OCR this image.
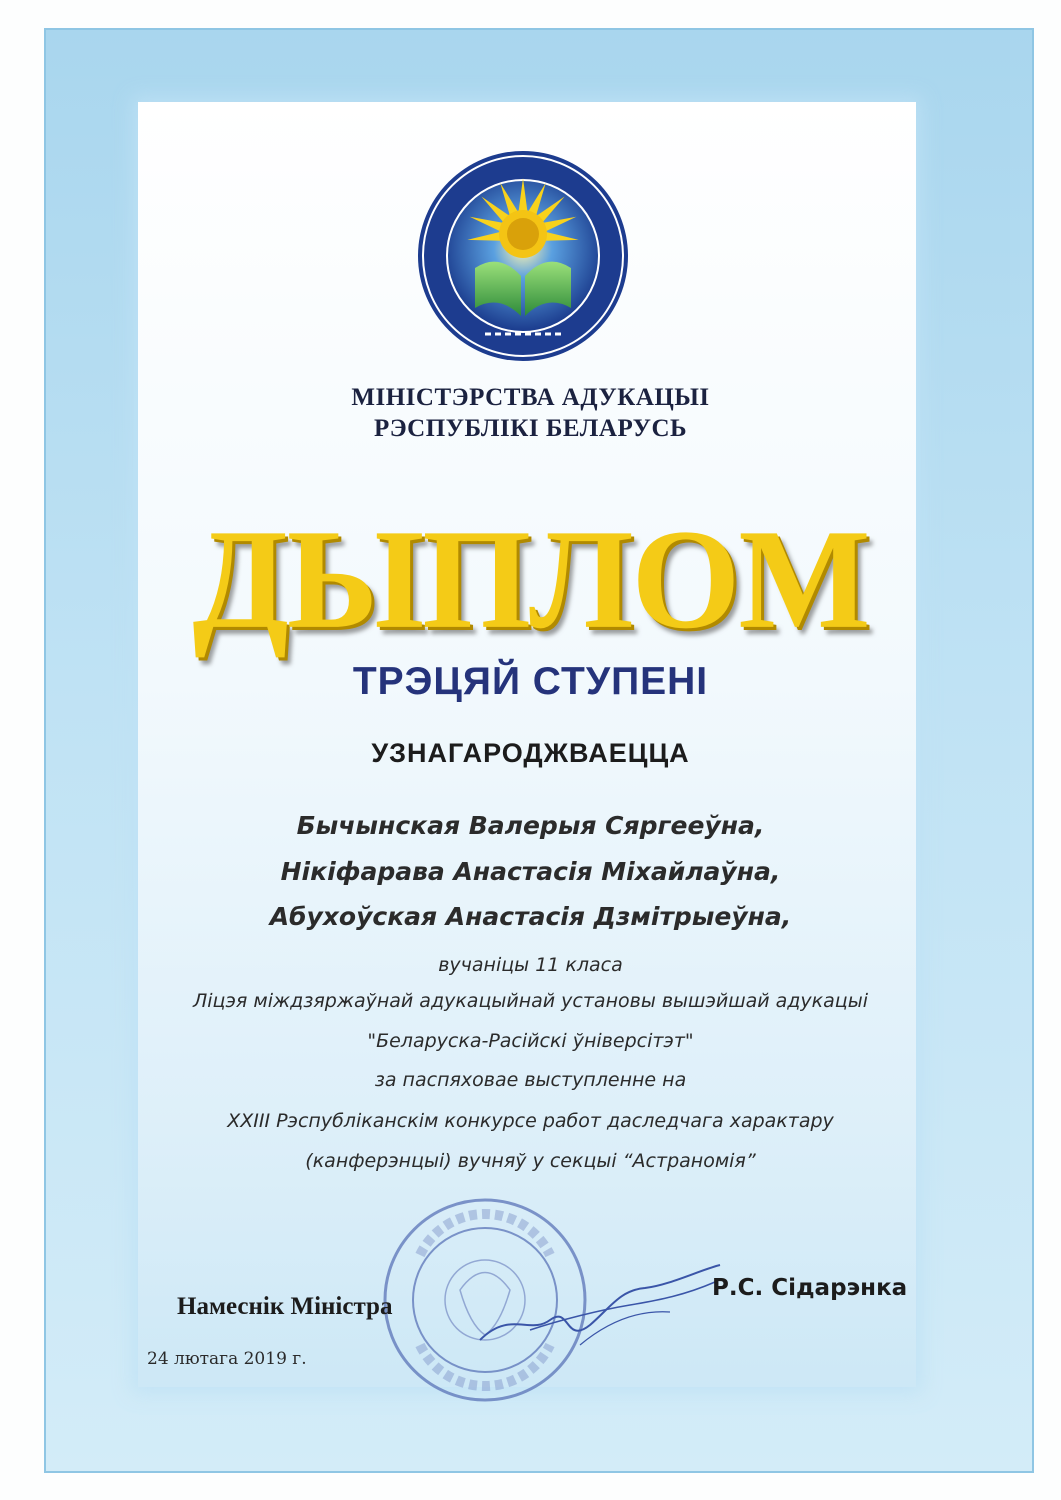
МІНІСТЭРСТВА АДУКАЦЫІ
РЭСПУБЛІКІ БЕЛАРУСЬ
ДЫПЛОМ
ТРЭЦЯЙ СТУПЕНІ
УЗНАГАРОДЖВАЕЦЦА
Бычынская Валерыя Сяргееўна,
Нікіфарава Анастасія Міхайлаўна,
Абухоўская Анастасія Дзмітрыеўна,
вучаніцы 11 класа
Ліцэя міждзяржаўнай адукацыйнай установы вышэйшай адукацыі
"Беларуска-Расійскі ўніверсітэт"
за паспяховае выступленне на
XXIII Рэспубліканскім конкурсе работ даследчага характару
(канферэнцыі) вучняў у секцыі “Астраномія”
Намеснік Міністра
Р.С. Сідарэнка
24 лютага 2019 г.
